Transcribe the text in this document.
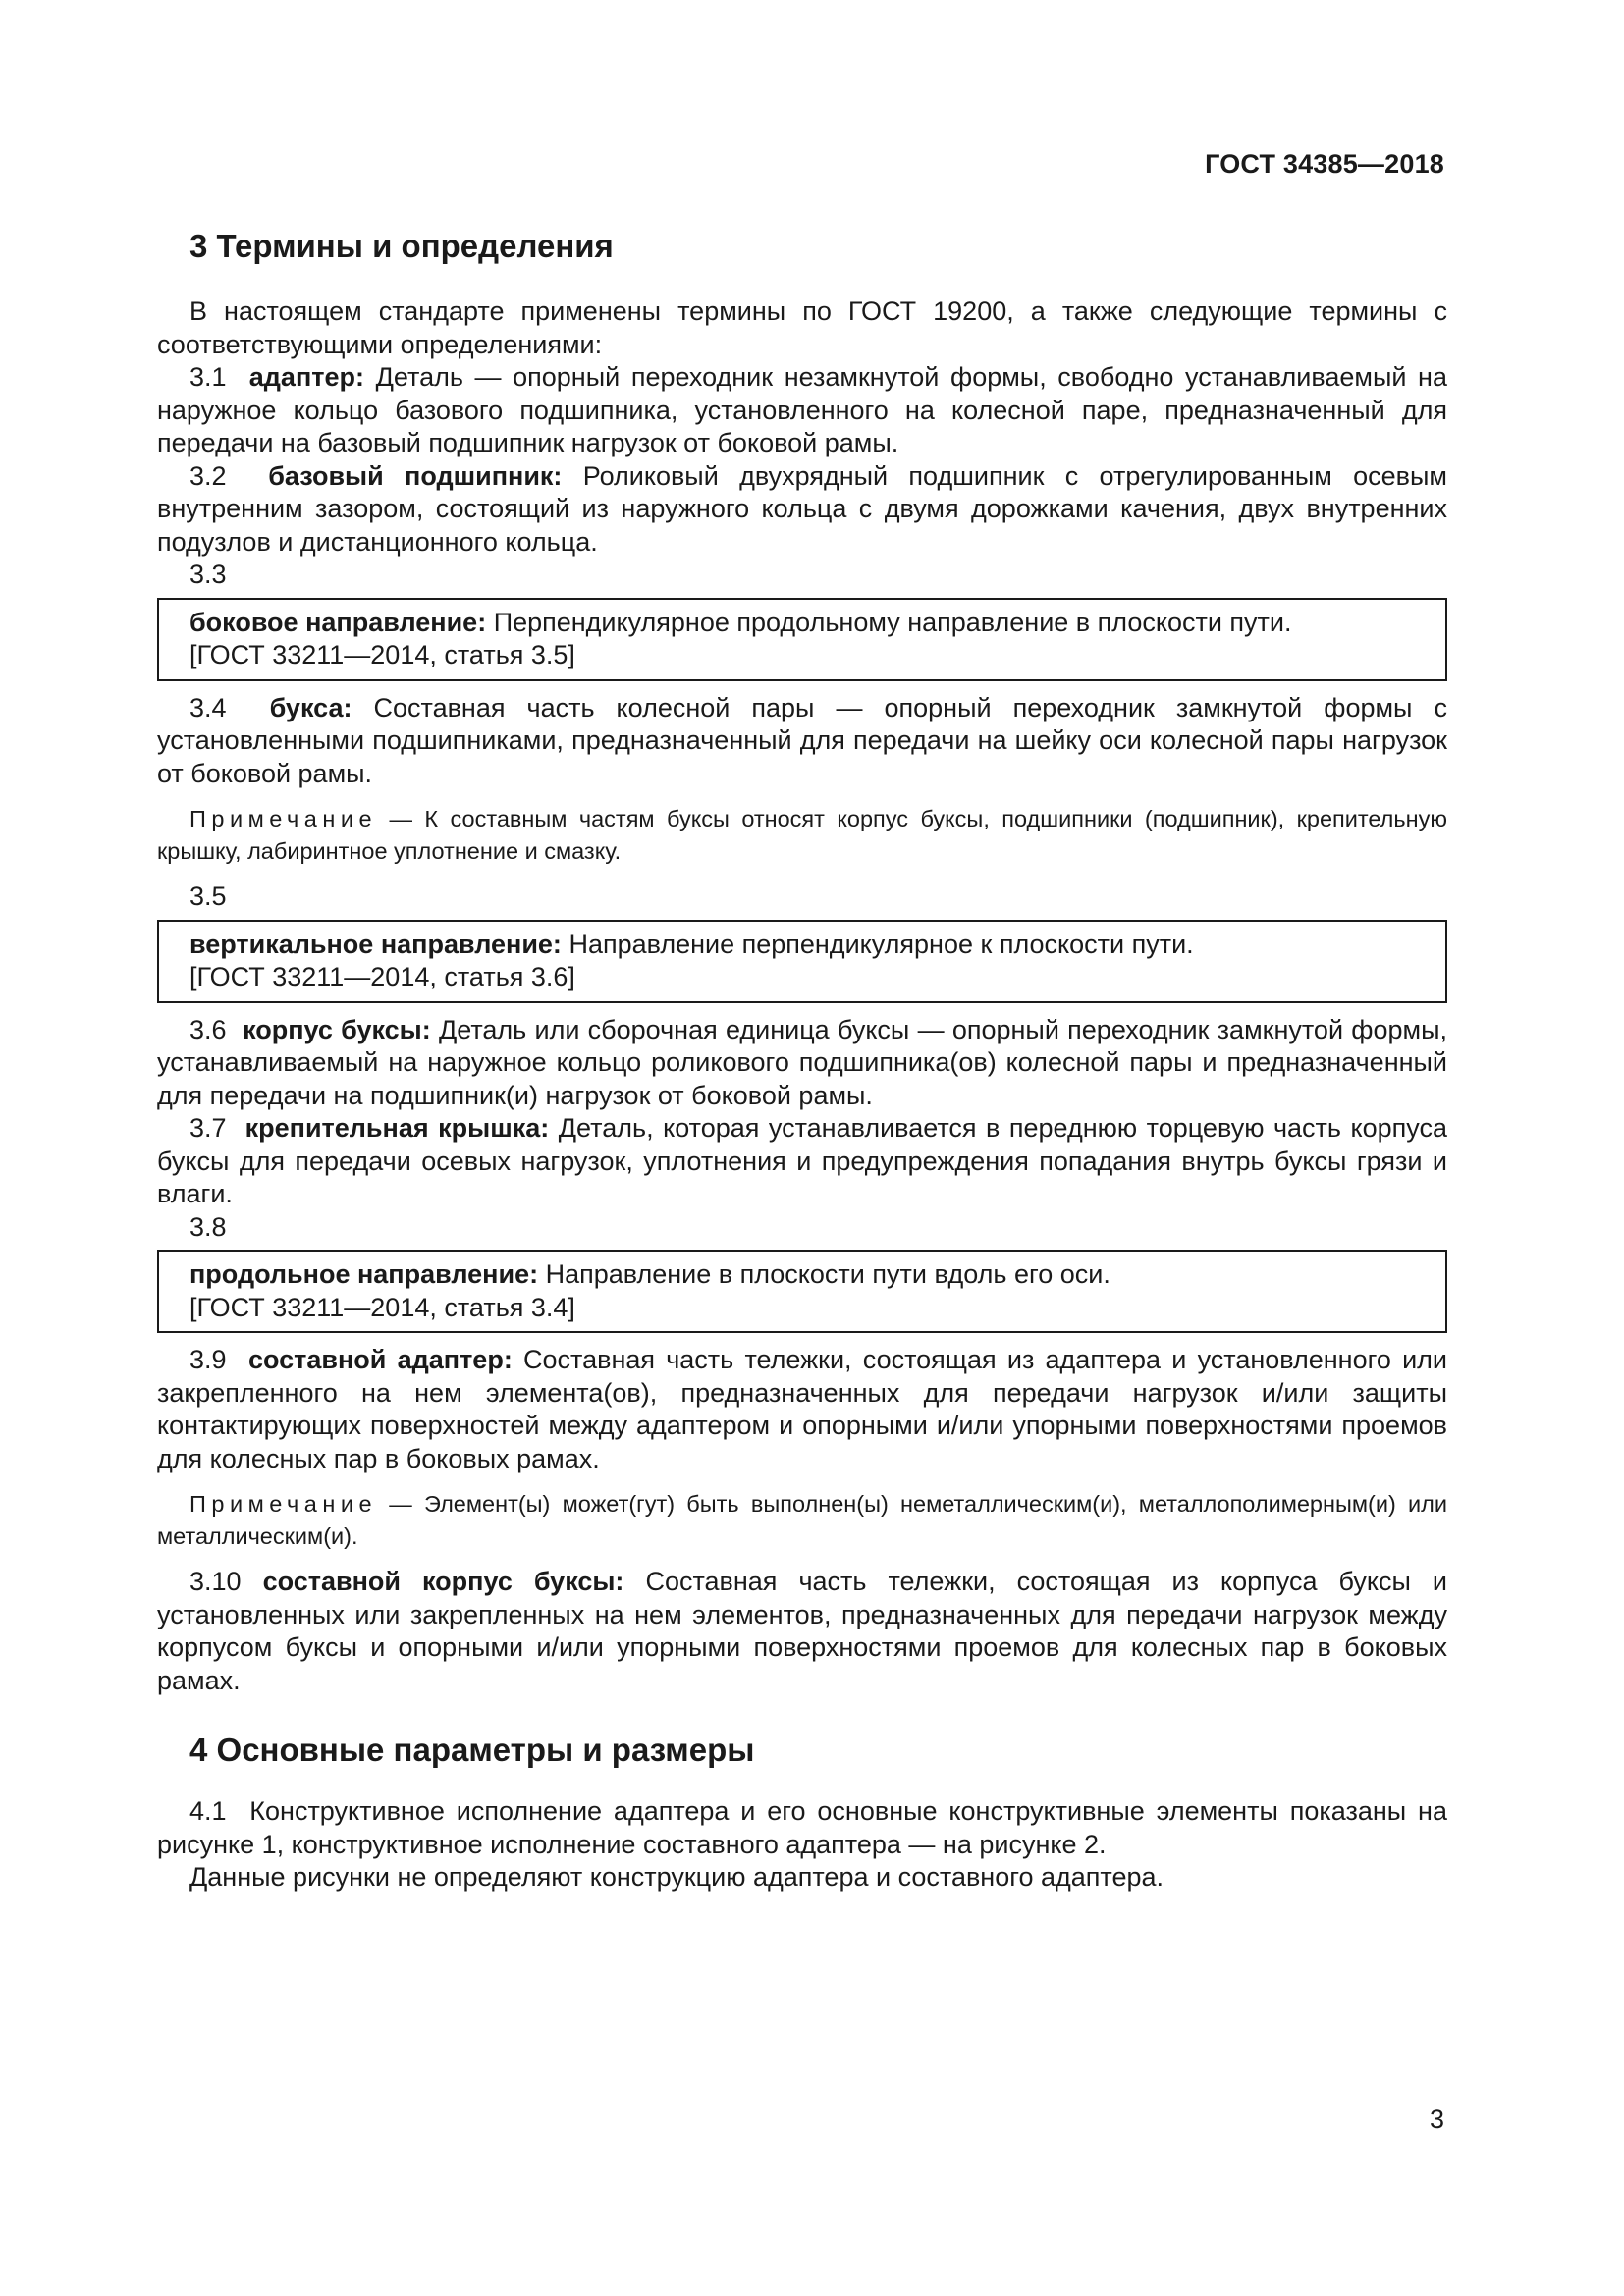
ГОСТ 34385—2018
3 Термины и определения

В настоящем стандарте применены термины по ГОСТ 19200, а также следующие термины с соответствующими определениями:

3.1 адаптер: Деталь — опорный переходник незамкнутой формы, свободно устанавливаемый на наружное кольцо базового подшипника, установленного на колесной паре, предназначенный для передачи на базовый подшипник нагрузок от боковой рамы.

3.2 базовый подшипник: Роликовый двухрядный подшипник с отрегулированным осевым внутренним зазором, состоящий из наружного кольца с двумя дорожками качения, двух внутренних подузлов и дистанционного кольца.

3.3

боковое направление: Перпендикулярное продольному направление в плоскости пути.
[ГОСТ 33211—2014, статья 3.5]

3.4 букса: Составная часть колесной пары — опорный переходник замкнутой формы с установленными подшипниками, предназначенный для передачи на шейку оси колесной пары нагрузок от боковой рамы.

Примечание — К составным частям буксы относят корпус буксы, подшипники (подшипник), крепительную крышку, лабиринтное уплотнение и смазку.

3.5

вертикальное направление: Направление перпендикулярное к плоскости пути.
[ГОСТ 33211—2014, статья 3.6]

3.6 корпус буксы: Деталь или сборочная единица буксы — опорный переходник замкнутой формы, устанавливаемый на наружное кольцо роликового подшипника(ов) колесной пары и предназначенный для передачи на подшипник(и) нагрузок от боковой рамы.

3.7 крепительная крышка: Деталь, которая устанавливается в переднюю торцевую часть корпуса буксы для передачи осевых нагрузок, уплотнения и предупреждения попадания внутрь буксы грязи и влаги.

3.8

продольное направление: Направление в плоскости пути вдоль его оси.
[ГОСТ 33211—2014, статья 3.4]

3.9 составной адаптер: Составная часть тележки, состоящая из адаптера и установленного или закрепленного на нем элемента(ов), предназначенных для передачи нагрузок и/или защиты контактирующих поверхностей между адаптером и опорными и/или упорными поверхностями проемов для колесных пар в боковых рамах.

Примечание — Элемент(ы) может(гут) быть выполнен(ы) неметаллическим(и), металлополимерным(и) или металлическим(и).

3.10 составной корпус буксы: Составная часть тележки, состоящая из корпуса буксы и установленных или закрепленных на нем элементов, предназначенных для передачи нагрузок между корпусом буксы и опорными и/или упорными поверхностями проемов для колесных пар в боковых рамах.

4 Основные параметры и размеры

4.1  Конструктивное исполнение адаптера и его основные конструктивные элементы показаны на рисунке 1, конструктивное исполнение составного адаптера — на рисунке 2.

Данные рисунки не определяют конструкцию адаптера и составного адаптера.

3
